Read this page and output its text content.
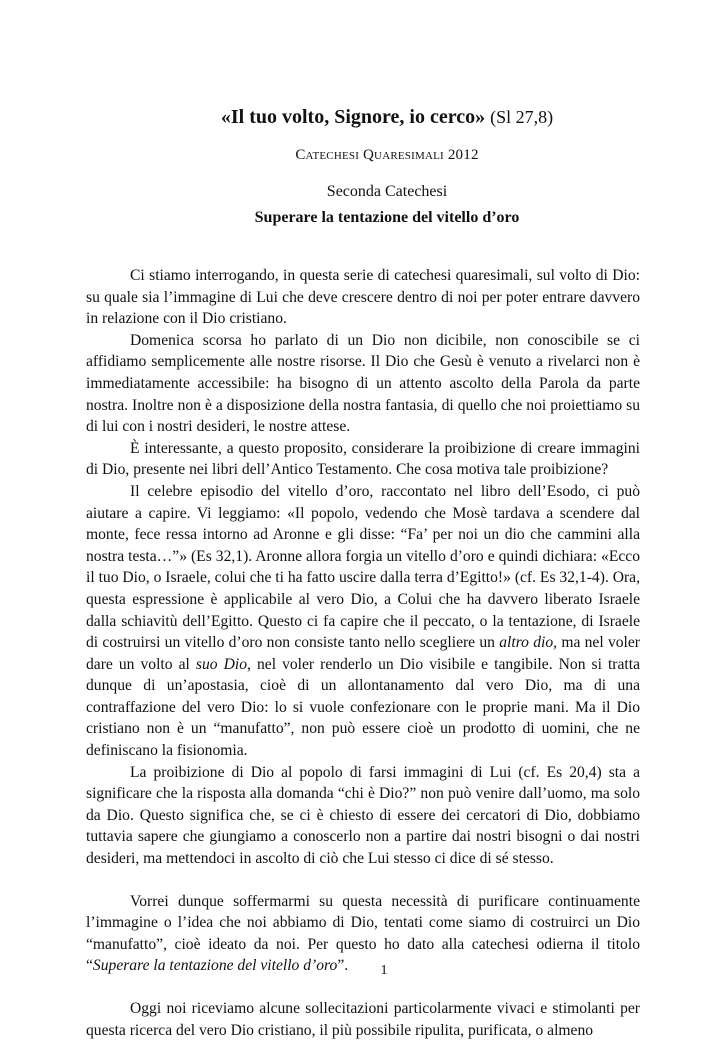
«Il tuo volto, Signore, io cerco» (Sl 27,8)
Catechesi Quaresimali 2012
Seconda Catechesi
Superare la tentazione del vitello d’oro

Ci stiamo interrogando, in questa serie di catechesi quaresimali, sul volto di Dio: su quale sia l’immagine di Lui che deve crescere dentro di noi per poter entrare davvero in relazione con il Dio cristiano.

Domenica scorsa ho parlato di un Dio non dicibile, non conoscibile se ci affidiamo semplicemente alle nostre risorse. Il Dio che Gesù è venuto a rivelarci non è immediatamente accessibile: ha bisogno di un attento ascolto della Parola da parte nostra. Inoltre non è a disposizione della nostra fantasia, di quello che noi proiettiamo su di lui con i nostri desideri, le nostre attese.

È interessante, a questo proposito, considerare la proibizione di creare immagini di Dio, presente nei libri dell’Antico Testamento. Che cosa motiva tale proibizione?

Il celebre episodio del vitello d’oro, raccontato nel libro dell’Esodo, ci può aiutare a capire. Vi leggiamo: «Il popolo, vedendo che Mosè tardava a scendere dal monte, fece ressa intorno ad Aronne e gli disse: “Fa’ per noi un dio che cammini alla nostra testa…”» (Es 32,1). Aronne allora forgia un vitello d’oro e quindi dichiara: «Ecco il tuo Dio, o Israele, colui che ti ha fatto uscire dalla terra d’Egitto!» (cf. Es 32,1-4). Ora, questa espressione è applicabile al vero Dio, a Colui che ha davvero liberato Israele dalla schiavitù dell’Egitto. Questo ci fa capire che il peccato, o la tentazione, di Israele di costruirsi un vitello d’oro non consiste tanto nello scegliere un altro dio, ma nel voler dare un volto al suo Dio, nel voler renderlo un Dio visibile e tangibile. Non si tratta dunque di un’apostasia, cioè di un allontanamento dal vero Dio, ma di una contraffazione del vero Dio: lo si vuole confezionare con le proprie mani. Ma il Dio cristiano non è un “manufatto”, non può essere cioè un prodotto di uomini, che ne definiscano la fisionomia.

La proibizione di Dio al popolo di farsi immagini di Lui (cf. Es 20,4) sta a significare che la risposta alla domanda “chi è Dio?” non può venire dall’uomo, ma solo da Dio. Questo significa che, se ci è chiesto di essere dei cercatori di Dio, dobbiamo tuttavia sapere che giungiamo a conoscerlo non a partire dai nostri bisogni o dai nostri desideri, ma mettendoci in ascolto di ciò che Lui stesso ci dice di sé stesso.

Vorrei dunque soffermarmi su questa necessità di purificare continuamente l’immagine o l’idea che noi abbiamo di Dio, tentati come siamo di costruirci un Dio “manufatto”, cioè ideato da noi. Per questo ho dato alla catechesi odierna il titolo “Superare la tentazione del vitello d’oro”.

Oggi noi riceviamo alcune sollecitazioni particolarmente vivaci e stimolanti per questa ricerca del vero Dio cristiano, il più possibile ripulita, purificata, o almeno

1
